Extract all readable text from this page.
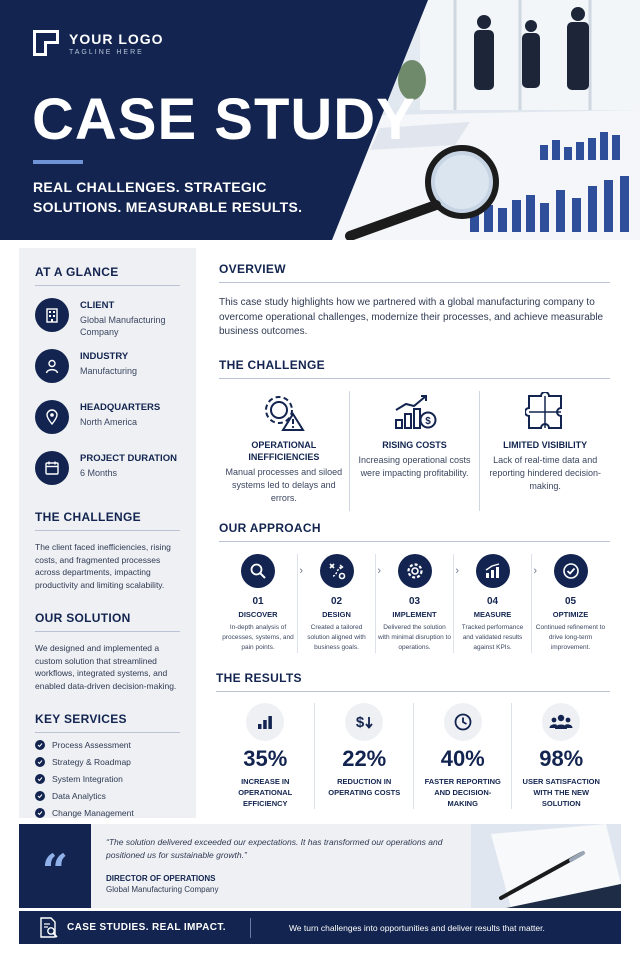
YOUR LOGO
TAGLINE HERE
CASE STUDY
REAL CHALLENGES. STRATEGIC SOLUTIONS. MEASURABLE RESULTS.
AT A GLANCE
CLIENT
Global Manufacturing Company
INDUSTRY
Manufacturing
HEADQUARTERS
North America
PROJECT DURATION
6 Months
THE CHALLENGE

The client faced inefficiencies, rising costs, and fragmented processes across departments, impacting productivity and limiting scalability.

OUR SOLUTION

We designed and implemented a custom solution that streamlined workflows, integrated systems, and enabled data-driven decision-making.

KEY SERVICES
Process Assessment
Strategy & Roadmap
System Integration
Data Analytics
Change Management
OVERVIEW

This case study highlights how we partnered with a global manufacturing company to overcome operational challenges, modernize their processes, and achieve measurable business outcomes.

THE CHALLENGE
OPERATIONAL INEFFICIENCIES
Manual processes and siloed systems led to delays and errors.
$
RISING COSTS
Increasing operational costs were impacting profitability.
LIMITED VISIBILITY
Lack of real-time data and reporting hindered decision-making.
OUR APPROACH
›
01
DISCOVER
In-depth analysis of processes, systems, and pain points.
›
02
DESIGN
Created a tailored solution aligned with business goals.
›
03
IMPLEMENT
Delivered the solution with minimal disruption to operations.
›
04
MEASURE
Tracked performance and validated results against KPIs.
05
OPTIMIZE
Continued refinement to drive long-term improvement.
THE RESULTS
35%
INCREASE IN OPERATIONAL EFFICIENCY
$
22%
REDUCTION IN OPERATING COSTS
40%
FASTER REPORTING AND DECISION-MAKING
98%
USER SATISFACTION WITH THE NEW SOLUTION
“

“The solution delivered exceeded our expectations. It has transformed our operations and positioned us for sustainable growth.”

DIRECTOR OF OPERATIONS
Global Manufacturing Company
CASE STUDIES. REAL IMPACT.	We turn challenges into opportunities and deliver results that matter.
